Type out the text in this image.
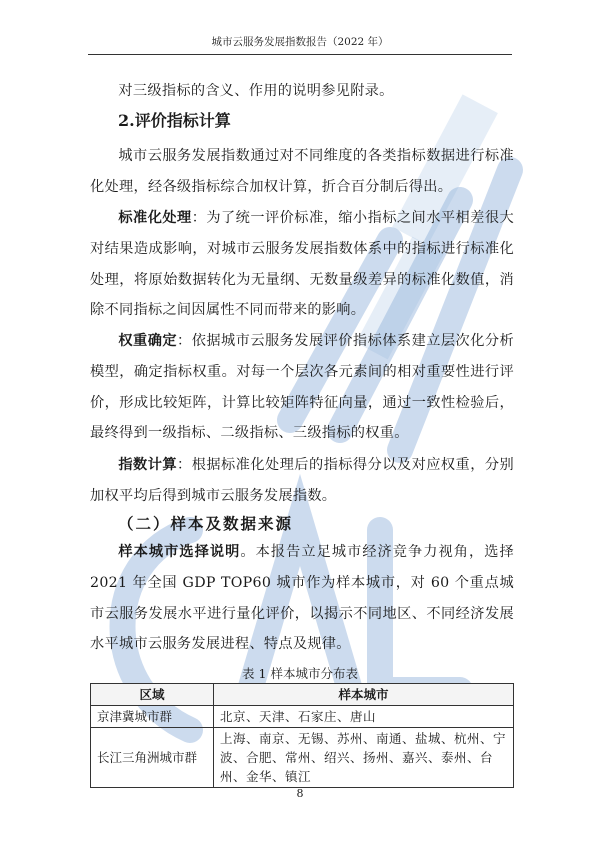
城市云服务发展指数报告（2022 年）

对三级指标的含义、作用的说明参见附录。

2.评价指标计算

城市云服务发展指数通过对不同维度的各类指标数据进行标准化处理，经各级指标综合加权计算，折合百分制后得出。

标准化处理：为了统一评价标准，缩小指标之间水平相差很大对结果造成影响，对城市云服务发展指数体系中的指标进行标准化处理，将原始数据转化为无量纲、无数量级差异的标准化数值，消除不同指标之间因属性不同而带来的影响。

权重确定：依据城市云服务发展评价指标体系建立层次化分析模型，确定指标权重。对每一个层次各元素间的相对重要性进行评价，形成比较矩阵，计算比较矩阵特征向量，通过一致性检验后，最终得到一级指标、二级指标、三级指标的权重。

指数计算：根据标准化处理后的指标得分以及对应权重，分别加权平均后得到城市云服务发展指数。

（二）样本及数据来源

样本城市选择说明。本报告立足城市经济竞争力视角，选择 2021 年全国 GDP TOP60 城市作为样本城市，对 60 个重点城市云服务发展水平进行量化评价，以揭示不同地区、不同经济发展水平城市云服务发展进程、特点及规律。

表 1 样本城市分布表
区域	样本城市
京津冀城市群	北京、天津、石家庄、唐山
长江三角洲城市群	上海、南京、无锡、苏州、南通、盐城、杭州、宁波、合肥、常州、绍兴、扬州、嘉兴、泰州、台州、金华、镇江
8
